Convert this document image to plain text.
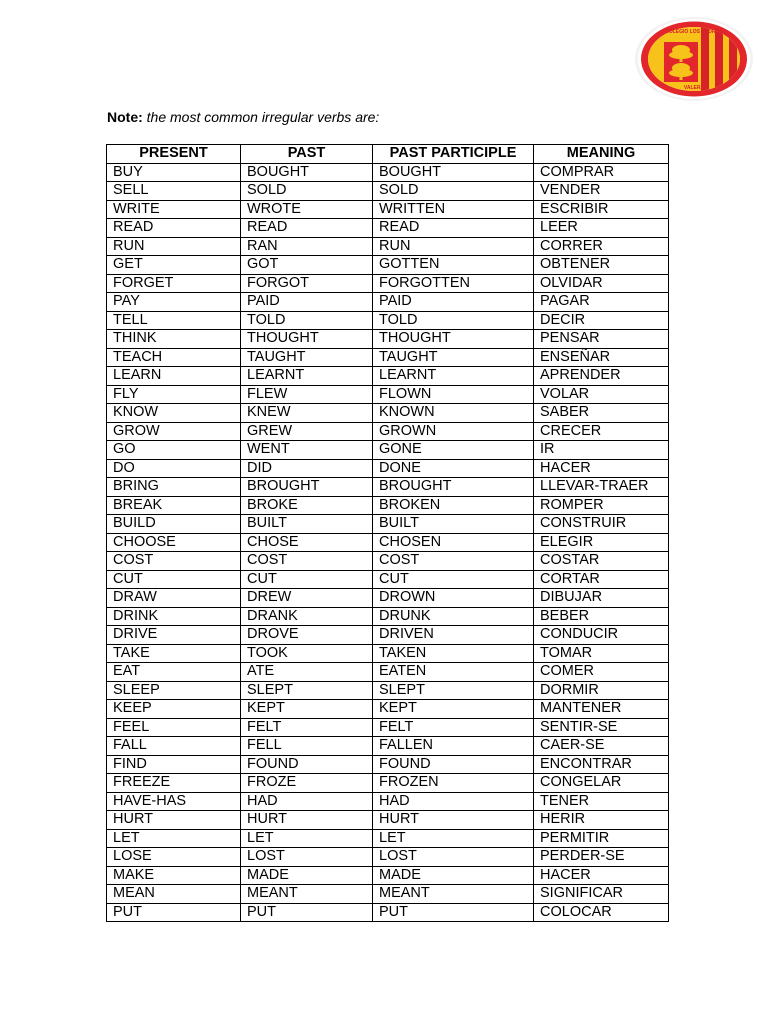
COLEGIO LOS CEDROS
VALERA
Note: the most common irregular verbs are:
PRESENT	PAST	PAST PARTICIPLE	MEANING
BUY	BOUGHT	BOUGHT	COMPRAR
SELL	SOLD	SOLD	VENDER
WRITE	WROTE	WRITTEN	ESCRIBIR
READ	READ	READ	LEER
RUN	RAN	RUN	CORRER
GET	GOT	GOTTEN	OBTENER
FORGET	FORGOT	FORGOTTEN	OLVIDAR
PAY	PAID	PAID	PAGAR
TELL	TOLD	TOLD	DECIR
THINK	THOUGHT	THOUGHT	PENSAR
TEACH	TAUGHT	TAUGHT	ENSEÑAR
LEARN	LEARNT	LEARNT	APRENDER
FLY	FLEW	FLOWN	VOLAR
KNOW	KNEW	KNOWN	SABER
GROW	GREW	GROWN	CRECER
GO	WENT	GONE	IR
DO	DID	DONE	HACER
BRING	BROUGHT	BROUGHT	LLEVAR-TRAER
BREAK	BROKE	BROKEN	ROMPER
BUILD	BUILT	BUILT	CONSTRUIR
CHOOSE	CHOSE	CHOSEN	ELEGIR
COST	COST	COST	COSTAR
CUT	CUT	CUT	CORTAR
DRAW	DREW	DROWN	DIBUJAR
DRINK	DRANK	DRUNK	BEBER
DRIVE	DROVE	DRIVEN	CONDUCIR
TAKE	TOOK	TAKEN	TOMAR
EAT	ATE	EATEN	COMER
SLEEP	SLEPT	SLEPT	DORMIR
KEEP	KEPT	KEPT	MANTENER
FEEL	FELT	FELT	SENTIR-SE
FALL	FELL	FALLEN	CAER-SE
FIND	FOUND	FOUND	ENCONTRAR
FREEZE	FROZE	FROZEN	CONGELAR
HAVE-HAS	HAD	HAD	TENER
HURT	HURT	HURT	HERIR
LET	LET	LET	PERMITIR
LOSE	LOST	LOST	PERDER-SE
MAKE	MADE	MADE	HACER
MEAN	MEANT	MEANT	SIGNIFICAR
PUT	PUT	PUT	COLOCAR
